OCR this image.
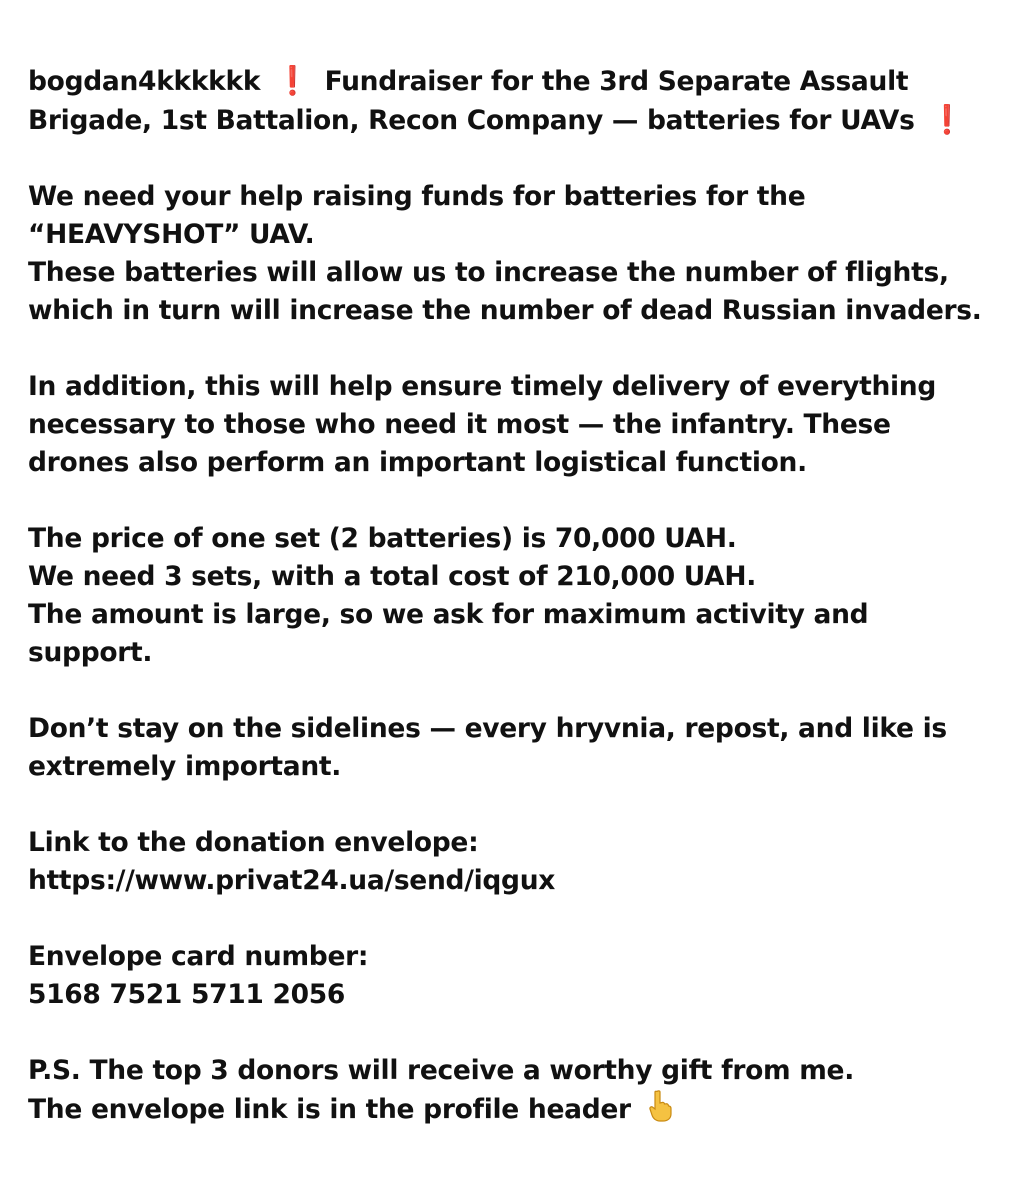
bogdan4kkkkkk ❗ Fundraiser for the 3rd Separate Assault
Brigade, 1st Battalion, Recon Company — batteries for UAVs ❗
We need your help raising funds for batteries for the
“HEAVYSHOT” UAV.
These batteries will allow us to increase the number of flights,
which in turn will increase the number of dead Russian invaders.
In addition, this will help ensure timely delivery of everything
necessary to those who need it most — the infantry. These
drones also perform an important logistical function.
The price of one set (2 batteries) is 70,000 UAH.
We need 3 sets, with a total cost of 210,000 UAH.
The amount is large, so we ask for maximum activity and
support.
Don’t stay on the sidelines — every hryvnia, repost, and like is
extremely important.
Link to the donation envelope:
https://www.privat24.ua/send/iqgux
Envelope card number:
5168 7521 5711 2056
P.S. The top 3 donors will receive a worthy gift from me.
The envelope link is in the profile header
